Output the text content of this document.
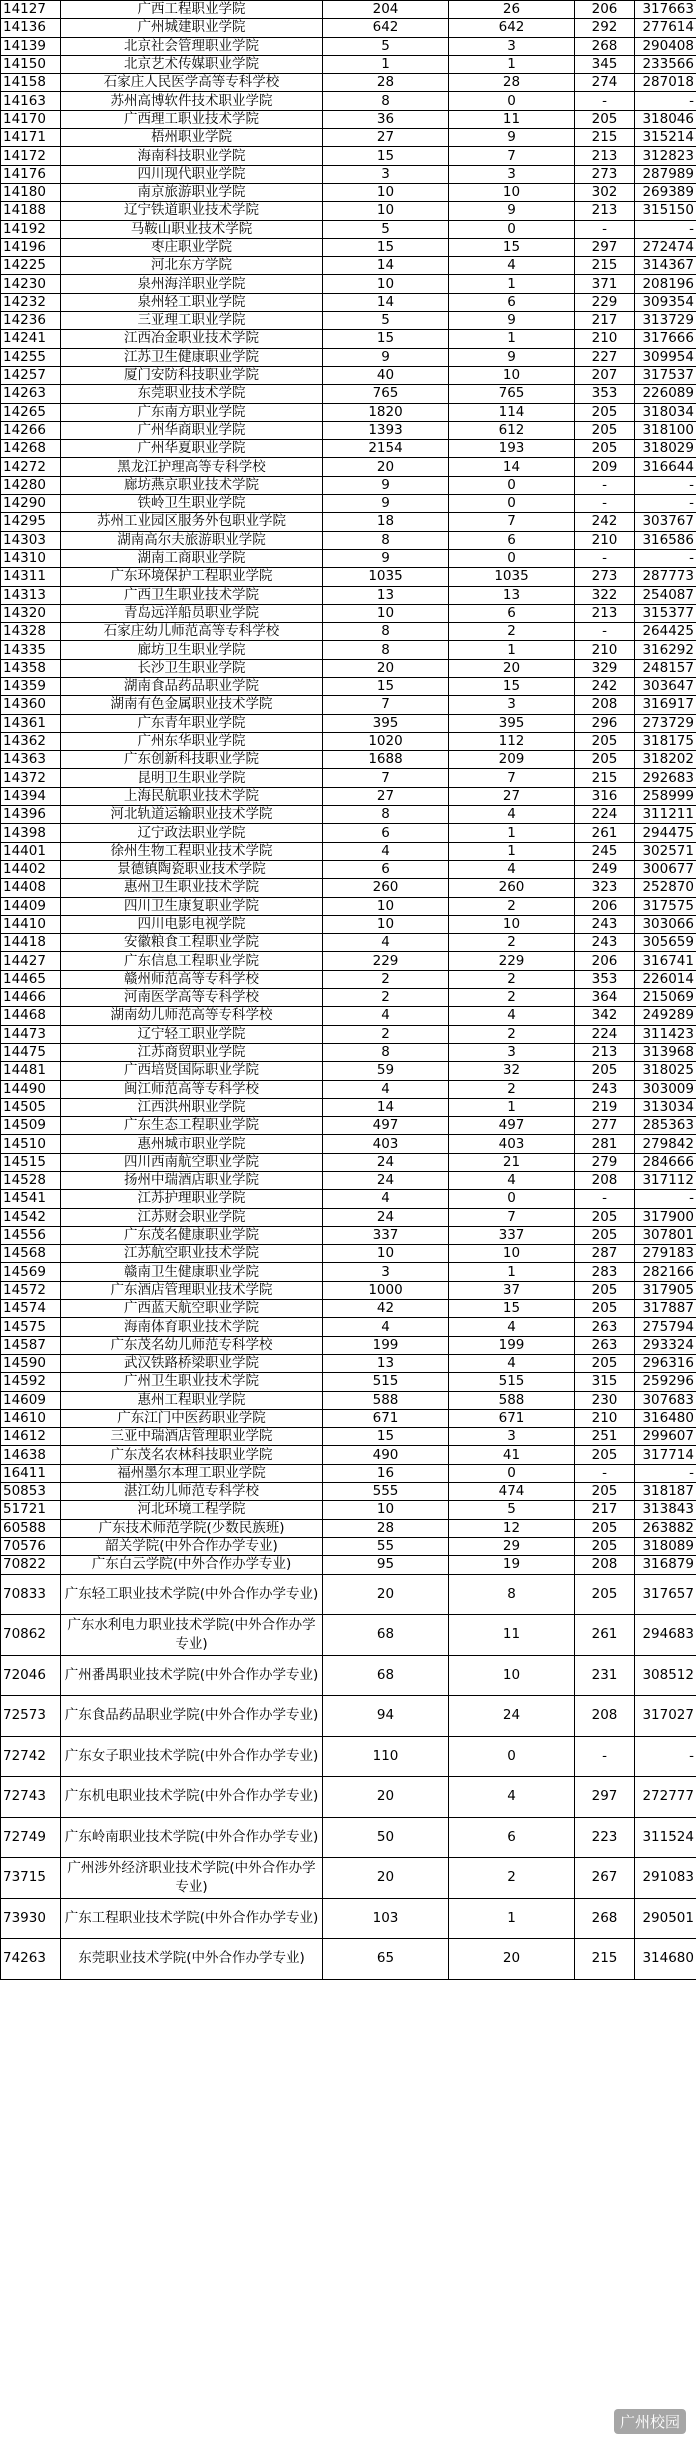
14127	广西工程职业学院	204	26	206	317663
14136	广州城建职业学院	642	642	292	277614
14139	北京社会管理职业学院	5	3	268	290408
14150	北京艺术传媒职业学院	1	1	345	233566
14158	石家庄人民医学高等专科学校	28	28	274	287018
14163	苏州高博软件技术职业学院	8	0	-	-
14170	广西理工职业技术学院	36	11	205	318046
14171	梧州职业学院	27	9	215	315214
14172	海南科技职业学院	15	7	213	312823
14176	四川现代职业学院	3	3	273	287989
14180	南京旅游职业学院	10	10	302	269389
14188	辽宁铁道职业技术学院	10	9	213	315150
14192	马鞍山职业技术学院	5	0	-	-
14196	枣庄职业学院	15	15	297	272474
14225	河北东方学院	14	4	215	314367
14230	泉州海洋职业学院	10	1	371	208196
14232	泉州轻工职业学院	14	6	229	309354
14236	三亚理工职业学院	5	9	217	313729
14241	江西冶金职业技术学院	15	1	210	317666
14255	江苏卫生健康职业学院	9	9	227	309954
14257	厦门安防科技职业学院	40	10	207	317537
14263	东莞职业技术学院	765	765	353	226089
14265	广东南方职业学院	1820	114	205	318034
14266	广州华商职业学院	1393	612	205	318100
14268	广州华夏职业学院	2154	193	205	318029
14272	黑龙江护理高等专科学校	20	14	209	316644
14280	廊坊燕京职业技术学院	9	0	-	-
14290	铁岭卫生职业学院	9	0	-	-
14295	苏州工业园区服务外包职业学院	18	7	242	303767
14303	湖南高尔夫旅游职业学院	8	6	210	316586
14310	湖南工商职业学院	9	0	-	-
14311	广东环境保护工程职业学院	1035	1035	273	287773
14313	广西卫生职业技术学院	13	13	322	254087
14320	青岛远洋船员职业学院	10	6	213	315377
14328	石家庄幼儿师范高等专科学校	8	2	-	264425
14335	廊坊卫生职业学院	8	1	210	316292
14358	长沙卫生职业学院	20	20	329	248157
14359	湖南食品药品职业学院	15	15	242	303647
14360	湖南有色金属职业技术学院	7	3	208	316917
14361	广东青年职业学院	395	395	296	273729
14362	广州东华职业学院	1020	112	205	318175
14363	广东创新科技职业学院	1688	209	205	318202
14372	昆明卫生职业学院	7	7	215	292683
14394	上海民航职业技术学院	27	27	316	258999
14396	河北轨道运输职业技术学院	8	4	224	311211
14398	辽宁政法职业学院	6	1	261	294475
14401	徐州生物工程职业技术学院	4	1	245	302571
14402	景德镇陶瓷职业技术学院	6	4	249	300677
14408	惠州卫生职业技术学院	260	260	323	252870
14409	四川卫生康复职业学院	10	2	206	317575
14410	四川电影电视学院	10	10	243	303066
14418	安徽粮食工程职业学院	4	2	243	305659
14427	广东信息工程职业学院	229	229	206	316741
14465	赣州师范高等专科学校	2	2	353	226014
14466	河南医学高等专科学校	2	2	364	215069
14468	湖南幼儿师范高等专科学校	4	4	342	249289
14473	辽宁轻工职业学院	2	2	224	311423
14475	江苏商贸职业学院	8	3	213	313968
14481	广西培贤国际职业学院	59	32	205	318025
14490	闽江师范高等专科学校	4	2	243	303009
14505	江西洪州职业学院	14	1	219	313034
14509	广东生态工程职业学院	497	497	277	285363
14510	惠州城市职业学院	403	403	281	279842
14515	四川西南航空职业学院	24	21	279	284666
14528	扬州中瑞酒店职业学院	24	4	208	317112
14541	江苏护理职业学院	4	0	-	-
14542	江苏财会职业学院	24	7	205	317900
14556	广东茂名健康职业学院	337	337	205	307801
14568	江苏航空职业技术学院	10	10	287	279183
14569	赣南卫生健康职业学院	3	1	283	282166
14572	广东酒店管理职业技术学院	1000	37	205	317905
14574	广西蓝天航空职业学院	42	15	205	317887
14575	海南体育职业技术学院	4	4	263	275794
14587	广东茂名幼儿师范专科学校	199	199	263	293324
14590	武汉铁路桥梁职业学院	13	4	205	296316
14592	广州卫生职业技术学院	515	515	315	259296
14609	惠州工程职业学院	588	588	230	307683
14610	广东江门中医药职业学院	671	671	210	316480
14612	三亚中瑞酒店管理职业学院	15	3	251	299607
14638	广东茂名农林科技职业学院	490	41	205	317714
16411	福州墨尔本理工职业学院	16	0	-	-
50853	湛江幼儿师范专科学校	555	474	205	318187
51721	河北环境工程学院	10	5	217	313843
60588	广东技术师范学院(少数民族班)	28	12	205	263882
70576	韶关学院(中外合作办学专业)	55	29	205	318089
70822	广东白云学院(中外合作办学专业)	95	19	208	316879
70833	广东轻工职业技术学院(中外合作办学专业)	20	8	205	317657
70862	广东水利电力职业技术学院(中外合作办学专业)	68	11	261	294683
72046	广州番禺职业技术学院(中外合作办学专业)	68	10	231	308512
72573	广东食品药品职业学院(中外合作办学专业)	94	24	208	317027
72742	广东女子职业技术学院(中外合作办学专业)	110	0	-	-
72743	广东机电职业技术学院(中外合作办学专业)	20	4	297	272777
72749	广东岭南职业技术学院(中外合作办学专业)	50	6	223	311524
73715	广州涉外经济职业技术学院(中外合作办学专业)	20	2	267	291083
73930	广东工程职业技术学院(中外合作办学专业)	103	1	268	290501
74263	东莞职业技术学院(中外合作办学专业)	65	20	215	314680
广州校园
